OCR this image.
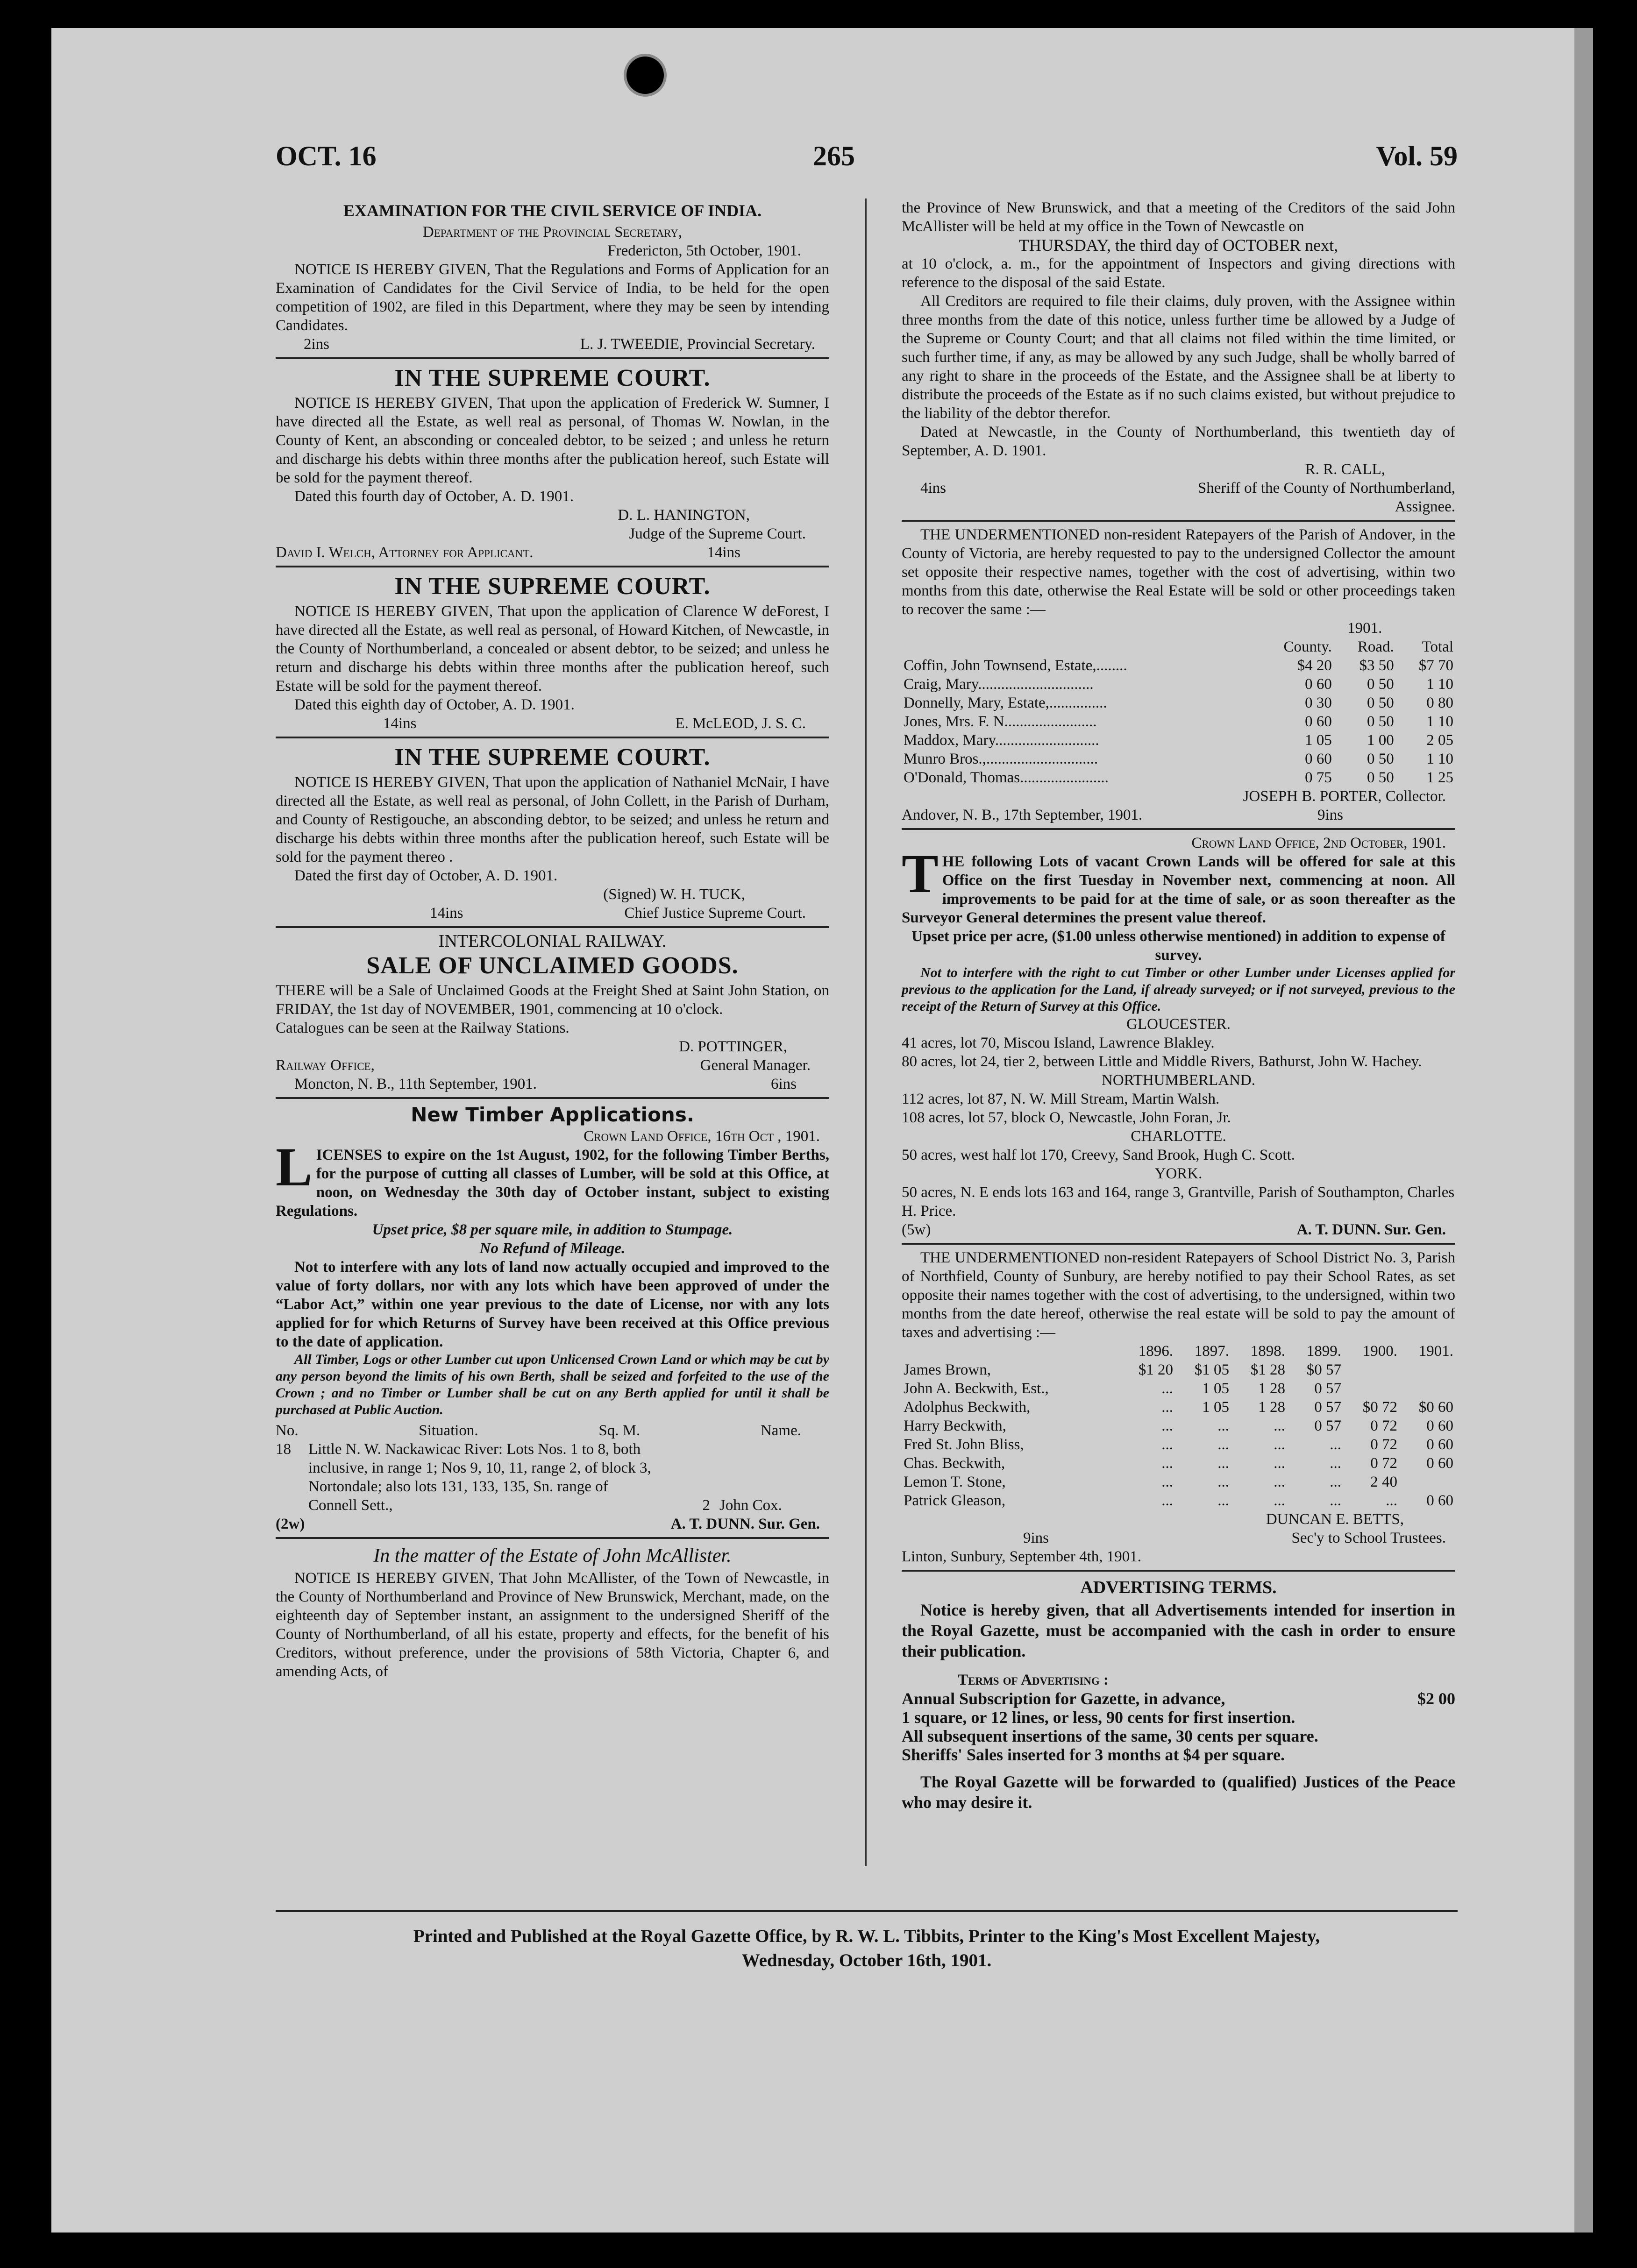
OCT. 16	265	Vol. 59
EXAMINATION FOR THE CIVIL SERVICE OF INDIA.
Department of the Provincial Secretary,
Fredericton, 5th October, 1901.

NOTICE IS HEREBY GIVEN, That the Regulations and Forms of Application for an Examination of Candidates for the Civil Service of India, to be held for the open competition of 1902, are filed in this Department, where they may be seen by intending Candidates.

2ins	L. J. TWEEDIE, Provincial Secretary.
IN THE SUPREME COURT.

NOTICE IS HEREBY GIVEN, That upon the application of Frederick W. Sumner, I have directed all the Estate, as well real as personal, of Thomas W. Nowlan, in the County of Kent, an absconding or concealed debtor, to be seized ; and unless he return and discharge his debts within three months after the publication hereof, such Estate will be sold for the payment thereof.

Dated this fourth day of October, A. D. 1901.
D. L. HANINGTON,
Judge of the Supreme Court.
David I. Welch, Attorney for Applicant.	14ins
IN THE SUPREME COURT.

NOTICE IS HEREBY GIVEN, That upon the application of Clarence W deForest, I have directed all the Estate, as well real as personal, of Howard Kitchen, of Newcastle, in the County of Northumberland, a concealed or absent debtor, to be seized; and unless he return and discharge his debts within three months after the publication hereof, such Estate will be sold for the payment thereof.

Dated this eighth day of October, A. D. 1901.
14ins	E. McLEOD, J. S. C.
IN THE SUPREME COURT.

NOTICE IS HEREBY GIVEN, That upon the application of Nathaniel McNair, I have directed all the Estate, as well real as personal, of John Collett, in the Parish of Durham, and County of Restigouche, an absconding debtor, to be seized; and unless he return and discharge his debts within three months after the publication hereof, such Estate will be sold for the payment thereo .

Dated the first day of October, A. D. 1901.
(Signed) W. H. TUCK,
14ins	Chief Justice Supreme Court.
INTERCOLONIAL RAILWAY.
SALE OF UNCLAIMED GOODS.

THERE will be a Sale of Unclaimed Goods at the Freight Shed at Saint John Station, on FRIDAY, the 1st day of NOVEMBER, 1901, commencing at 10 o'clock.

Catalogues can be seen at the Railway Stations.
D. POTTINGER,
Railway Office,	General Manager.
Moncton, N. B., 11th September, 1901.	6ins
New Timber Applications.
Crown Land Office, 16th Oct , 1901.

LICENSES to expire on the 1st August, 1902, for the following Timber Berths, for the purpose of cutting all classes of Lumber, will be sold at this Office, at noon, on Wednesday the 30th day of October instant, subject to existing Regulations.

Upset price, $8 per square mile, in addition to Stumpage.
No Refund of Mileage.

Not to interfere with any lots of land now actually occupied and improved to the value of forty dollars, nor with any lots which have been approved of under the “Labor Act,” within one year previous to the date of License, nor with any lots applied for for which Returns of Survey have been received at this Office previous to the date of application.

All Timber, Logs or other Lumber cut upon Unlicensed Crown Land or which may be cut by any person beyond the limits of his own Berth, shall be seized and forfeited to the use of the Crown ; and no Timber or Lumber shall be cut on any Berth applied for until it shall be purchased at Public Auction.

No.	Situation.	Sq. M.	Name.
18	Little N. W. Nackawicac River: Lots Nos. 1 to 8, both inclusive, in range 1; Nos 9, 10, 11, range 2, of block 3, Nortondale; also lots 131, 133, 135, Sn. range of Connell Sett.,	2 John Cox.
(2w)	A. T. DUNN. Sur. Gen.
In the matter of the Estate of John McAllister.

NOTICE IS HEREBY GIVEN, That John McAllister, of the Town of Newcastle, in the County of Northumberland and Province of New Brunswick, Merchant, made, on the eighteenth day of September instant, an assignment to the undersigned Sheriff of the County of Northumberland, of all his estate, property and effects, for the benefit of his Creditors, without preference, under the provisions of 58th Victoria, Chapter 6, and amending Acts, of

the Province of New Brunswick, and that a meeting of the Creditors of the said John McAllister will be held at my office in the Town of Newcastle on

THURSDAY, the third day of OCTOBER next,

at 10 o'clock, a. m., for the appointment of Inspectors and giving directions with reference to the disposal of the said Estate.

All Creditors are required to file their claims, duly proven, with the Assignee within three months from the date of this notice, unless further time be allowed by a Judge of the Supreme or County Court; and that all claims not filed within the time limited, or such further time, if any, as may be allowed by any such Judge, shall be wholly barred of any right to share in the proceeds of the Estate, and the Assignee shall be at liberty to distribute the proceeds of the Estate as if no such claims existed, but without prejudice to the liability of the debtor therefor.

Dated at Newcastle, in the County of Northumberland, this twentieth day of September, A. D. 1901.

R. R. CALL,
4ins	Sheriff of the County of Northumberland,
Assignee.

THE UNDERMENTIONED non-resident Ratepayers of the Parish of Andover, in the County of Victoria, are hereby requested to pay to the undersigned Collector the amount set opposite their respective names, together with the cost of advertising, within two months from this date, otherwise the Real Estate will be sold or other proceedings taken to recover the same :—

		1901.	
	County.	Road.	Total
Coffin, John Townsend, Estate,........	$4 20	$3 50	$7 70
Craig, Mary..............................	0 60	0 50	1 10
Donnelly, Mary, Estate,...............	0 30	0 50	0 80
Jones, Mrs. F. N........................	0 60	0 50	1 10
Maddox, Mary...........................	1 05	1 00	2 05
Munro Bros.,.............................	0 60	0 50	1 10
O'Donald, Thomas.......................	0 75	0 50	1 25
JOSEPH B. PORTER, Collector.
Andover, N. B., 17th September, 1901.	9ins
Crown Land Office, 2nd October, 1901.

THE following Lots of vacant Crown Lands will be offered for sale at this Office on the first Tuesday in November next, commencing at noon. All improvements to be paid for at the time of sale, or as soon thereafter as the Surveyor General determines the present value thereof.

Upset price per acre, ($1.00 unless otherwise mentioned) in addition to expense of survey.

Not to interfere with the right to cut Timber or other Lumber under Licenses applied for previous to the application for the Land, if already surveyed; or if not surveyed, previous to the receipt of the Return of Survey at this Office.

GLOUCESTER.
41 acres, lot 70, Miscou Island, Lawrence Blakley.
80 acres, lot 24, tier 2, between Little and Middle Rivers, Bathurst, John W. Hachey.
NORTHUMBERLAND.
112 acres, lot 87, N. W. Mill Stream, Martin Walsh.
108 acres, lot 57, block O, Newcastle, John Foran, Jr.
CHARLOTTE.
50 acres, west half lot 170, Creevy, Sand Brook, Hugh C. Scott.
YORK.
50 acres, N. E ends lots 163 and 164, range 3, Grantville, Parish of Southampton, Charles H. Price.
(5w)	A. T. DUNN. Sur. Gen.

THE UNDERMENTIONED non-resident Ratepayers of School District No. 3, Parish of Northfield, County of Sunbury, are hereby notified to pay their School Rates, as set opposite their names together with the cost of advertising, to the undersigned, within two months from the date hereof, otherwise the real estate will be sold to pay the amount of taxes and advertising :—

	1896.	1897.	1898.	1899.	1900.	1901.
James Brown,	$1 20	$1 05	$1 28	$0 57		
John A. Beckwith, Est.,	...	1 05	1 28	0 57		
Adolphus Beckwith,	...	1 05	1 28	0 57	$0 72	$0 60
Harry Beckwith,	...	...	...	0 57	0 72	0 60
Fred St. John Bliss,	...	...	...	...	0 72	0 60
Chas. Beckwith,	...	...	...	...	0 72	0 60
Lemon T. Stone,	...	...	...	...	2 40	
Patrick Gleason,	...	...	...	...	...	0 60
DUNCAN E. BETTS,
9ins	Sec'y to School Trustees.
Linton, Sunbury, September 4th, 1901.
ADVERTISING TERMS.

Notice is hereby given, that all Advertisements intended for insertion in the Royal Gazette, must be accompanied with the cash in order to ensure their publication.

Terms of Advertising :
Annual Subscription for Gazette, in advance,	$2 00
1 square, or 12 lines, or less, 90 cents for first insertion.
All subsequent insertions of the same, 30 cents per square.
Sheriffs' Sales inserted for 3 months at $4 per square.

The Royal Gazette will be forwarded to (qualified) Justices of the Peace who may desire it.

Printed and Published at the Royal Gazette Office, by R. W. L. Tibbits, Printer to the King's Most Excellent Majesty,
Wednesday, October 16th, 1901.
